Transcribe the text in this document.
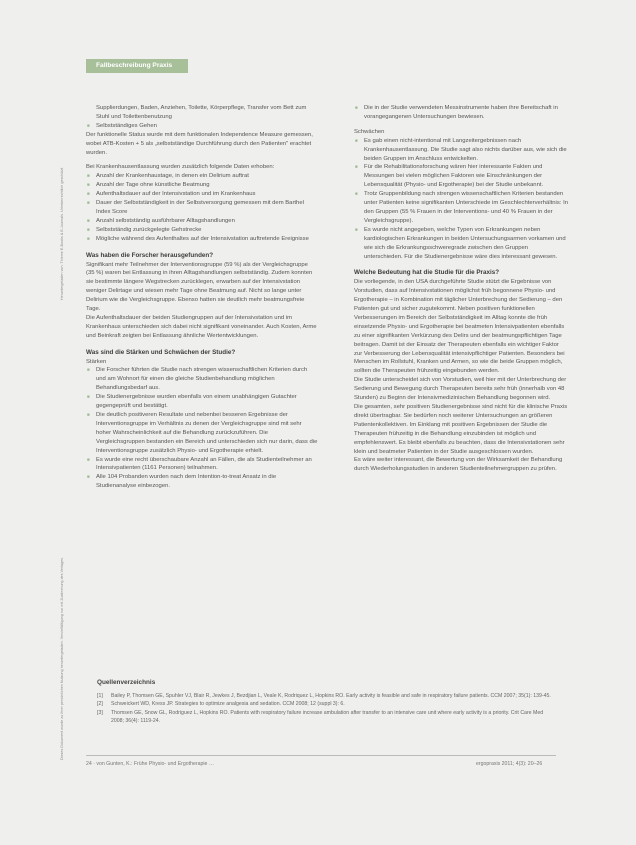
Heruntergeladen von: Thieme E-Books & E-Journals. Urheberrechtlich geschützt.
Dieses Dokument wurde zu Ihrer persönlichen Nutzung heruntergeladen. Vervielfältigung nur mit Zustimmung des Verlages.
Fallbeschreibung Praxis
Supplierdungen, Baden, Anziehen, Toilette, Körperpflege, Transfer vom Bett zum Stuhl und Toilettenbenutzung
■ Selbstständiges Gehen

Der funktionelle Status wurde mit dem funktionalen Independence Measure gemessen, wobei ATB-Kosten + 5 als „selbstständige Durchführung durch den Patienten" erachtet wurden.

Bei Krankenhausentlassung wurden zusätzlich folgende Daten erhoben:

■ Anzahl der Krankenhaustage, in denen ein Delirium auftrat
■ Anzahl der Tage ohne künstliche Beatmung
■ Aufenthaltsdauer auf der Intensivstation und im Krankenhaus
■ Dauer der Selbstständigkeit in der Selbstversorgung gemessen mit dem Barthel Index Score
■ Anzahl selbstständig ausführbarer Alltagshandlungen
■ Selbstständig zurückgelegte Gehstrecke
■ Mögliche während des Aufenthaltes auf der Intensivstation auftretende Ereignisse

Was haben die Forscher herausgefunden?

Signifikant mehr Teilnehmer der Interventionsgruppe (59 %) als der Vergleichsgruppe (35 %) waren bei Entlassung in ihren Alltagshandlungen selbstständig. Zudem konnten sie bestimmte längere Wegstrecken zurücklegen, erwarben auf der Intensivstation weniger Delirtage und wiesen mehr Tage ohne Beatmung auf. Nicht so lange unter Delirium wie die Vergleichsgruppe. Ebenso hatten sie deutlich mehr beatmungsfreie Tage.

Die Aufenthaltsdauer der beiden Studiengruppen auf der Intensivstation und im Krankenhaus unterschieden sich dabei nicht signifikant voneinander. Auch Kosten, Arme und Beinkraft zeigten bei Entlassung ähnliche Wertentwicklungen.

Was sind die Stärken und Schwächen der Studie?

Stärken

■ Die Forscher führten die Studie nach strengen wissenschaftlichen Kriterien durch und am Wohnort für einen die gleiche Studienbehandlung möglichen Behandlungsbedarf aus.
■ Die Studienergebnisse wurden ebenfalls von einem unabhängigen Gutachter gegengeprüft und bestätigt.
■ Die deutlich positiveren Resultate und nebenbei besseren Ergebnisse der Interventionsgruppe im Verhältnis zu denen der Vergleichsgruppe sind mit sehr hoher Wahrscheinlichkeit auf die Behandlung zurückzuführen. Die Vergleichsgruppen bestanden ein Bereich und unterschieden sich nur darin, dass die Interventionsgruppe zusätzlich Physio- und Ergotherapie erhielt.
■ Es wurde eine recht überschaubare Anzahl an Fällen, die als Studienteilnehmer an Intensivpatienten (1161 Personen) teilnahmen.
■ Alle 104 Probanden wurden nach dem Intention-to-treat Ansatz in die Studienanalyse einbezogen.
■ Die in der Studie verwendeten Messinstrumente haben ihre Bereitschaft in vorangegangenen Untersuchungen bewiesen.

Schwächen

■ Es gab einen nicht-intentional mit Langzeitergebnissen nach Krankenhausentlassung. Die Studie sagt also nichts darüber aus, wie sich die beiden Gruppen im Anschluss entwickelten.
■ Für die Rehabilitationsforschung wären hier interessante Fakten und Messungen bei vielen möglichen Faktoren wie Einschränkungen der Lebensqualität (Physio- und Ergotherapie) bei der Studie unbekannt.
■ Trotz Gruppenbildung nach strengen wissenschaftlichen Kriterien bestanden unter Patienten keine signifikanten Unterschiede im Geschlechterverhältnis: In den Gruppen (55 % Frauen in der Interventions- und 40 % Frauen in der Vergleichsgruppe).
■ Es wurde nicht angegeben, welche Typen von Erkrankungen neben kardiologischen Erkrankungen in beiden Untersuchungsarmen vorkamen und wie sich die Erkrankungsschweregrade zwischen den Gruppen unterschieden. Für die Studienergebnisse wäre dies interessant gewesen.

Welche Bedeutung hat die Studie für die Praxis?

Die vorliegende, in den USA durchgeführte Studie stützt die Ergebnisse von Vorstudien, dass auf Intensivstationen möglichst früh begonnene Physio- und Ergotherapie – in Kombination mit täglicher Unterbrechung der Sedierung – den Patienten gut und sicher zugutekommt. Neben positiven funktionellen Verbesserungen im Bereich der Selbstständigkeit im Alltag konnte die früh einsetzende Physio- und Ergotherapie bei beatmeten Intensivpatienten ebenfalls zu einer signifikanten Verkürzung des Delirs und der beatmungspflichtigen Tage beitragen. Damit ist der Einsatz der Therapeuten ebenfalls ein wichtiger Faktor zur Verbesserung der Lebensqualität intensivpflichtiger Patienten. Besonders bei Menschen im Rollstuhl, Kranken und Armen, so wie die beide Gruppen möglich, sollten die Therapeuten frühzeitig eingebunden werden.

Die Studie unterscheidet sich von Vorstudien, weil hier mit der Unterbrechung der Sedierung und Bewegung durch Therapeuten bereits sehr früh (innerhalb von 48 Stunden) zu Beginn der Intensivmedizinischen Behandlung begonnen wird.

Die gesamten, sehr positiven Studienergebnisse sind nicht für die klinische Praxis direkt übertragbar. Sie bedürfen noch weiterer Untersuchungen an größeren Patientenkollektiven. Im Einklang mit positiven Ergebnissen der Studie die Therapeuten frühzeitig in die Behandlung einzubinden ist möglich und empfehlenswert. Es bleibt ebenfalls zu beachten, dass die Intensivstationen sehr klein und beatmeter Patienten in der Studie ausgeschlossen wurden.

Es wäre weiter interessant, die Bewertung von der Wirksamkeit der Behandlung durch Wiederholungsstudien in anderen Studienteilnehmergruppen zu prüfen.

Quellenverzeichnis
[1] Bailey P, Thomsen GE, Spuhler VJ, Blair R, Jewkes J, Bezdjian L, Veale K, Rodriquez L, Hopkins RO. Early activity is feasible and safe in respiratory failure patients. CCM 2007; 35(1): 139-45.
[2] Schweickert WD, Kress JP. Strategies to optimize analgesia and sedation. CCM 2008; 12 (suppl 3): 6.
[3] Thomsen GE, Snow GL, Rodriguez L, Hopkins RO. Patients with respiratory failure increase ambulation after transfer to an intensive care unit where early activity is a priority. Crit Care Med 2008; 36(4): 1119-24.
24 · von Gunten, K.: Frühe Physio- und Ergotherapie …	ergopraxis 2011; 4(3): 20–26
